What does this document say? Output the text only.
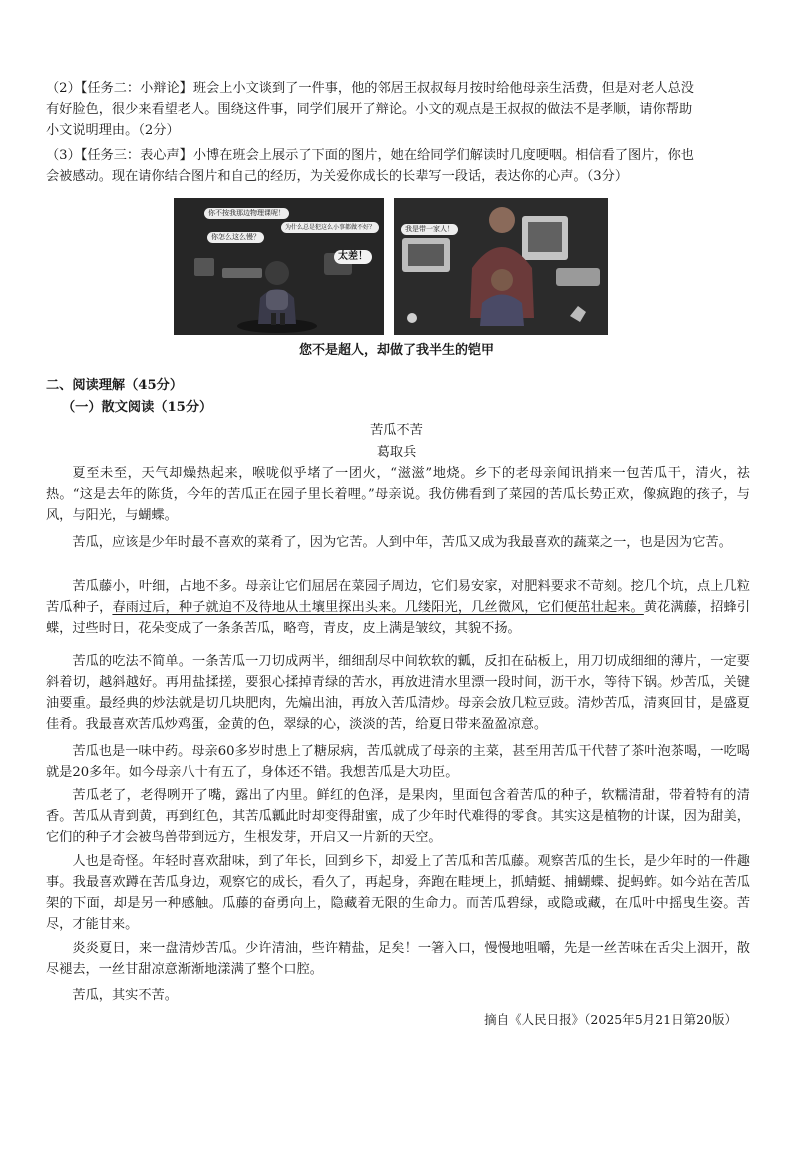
（2）【任务二：小辩论】班会上小文谈到了一件事，他的邻居王叔叔每月按时给他母亲生活费，但是对老人总没
有好脸色，很少来看望老人。围绕这件事，同学们展开了辩论。小文的观点是王叔叔的做法不是孝顺，请你帮助
小文说明理由。（2分）

（3）【任务三：表心声】小博在班会上展示了下面的图片，她在给同学们解读时几度哽咽。相信看了图片，你也
会被感动。现在请你结合图片和自己的经历，为关爱你成长的长辈写一段话，表达你的心声。（3分）

你不按我那边物理课呢！
你怎么这么慢？
为什么总是犯这么小事都做不好？
太差！
我是带一家人！

您不是超人，却做了我半生的铠甲

二、阅读理解（45分）

（一）散文阅读（15分）

苦瓜不苦

葛取兵

夏至未至，天气却燥热起来，喉咙似乎堵了一团火，“滋滋”地烧。乡下的老母亲闻讯捎来一包苦瓜干，清火，祛热。“这是去年的陈货，今年的苦瓜正在园子里长着哩。”母亲说。我仿佛看到了菜园的苦瓜长势正欢，像疯跑的孩子，与风，与阳光，与蝴蝶。

苦瓜，应该是少年时最不喜欢的菜肴了，因为它苦。人到中年，苦瓜又成为我最喜欢的蔬菜之一，也是因为它苦。

苦瓜藤小，叶细，占地不多。母亲让它们屈居在菜园子周边，它们易安家，对肥料要求不苛刻。挖几个坑，点上几粒苦瓜种子，春雨过后，种子就迫不及待地从土壤里探出头来。几缕阳光，几丝微风，它们便茁壮起来。黄花满藤，招蜂引蝶，过些时日，花朵变成了一条条苦瓜，略弯，青皮，皮上满是皱纹，其貌不扬。

苦瓜的吃法不简单。一条苦瓜一刀切成两半，细细刮尽中间软软的瓤，反扣在砧板上，用刀切成细细的薄片，一定要斜着切，越斜越好。再用盐揉搓，要狠心揉掉青绿的苦水，再放进清水里漂一段时间，沥干水，等待下锅。炒苦瓜，关键油要重。最经典的炒法就是切几块肥肉，先煸出油，再放入苦瓜清炒。母亲会放几粒豆豉。清炒苦瓜，清爽回甘，是盛夏佳肴。我最喜欢苦瓜炒鸡蛋，金黄的色，翠绿的心，淡淡的苦，给夏日带来盈盈凉意。

苦瓜也是一味中药。母亲60多岁时患上了糖尿病，苦瓜就成了母亲的主菜，甚至用苦瓜干代替了茶叶泡茶喝，一吃喝就是20多年。如今母亲八十有五了，身体还不错。我想苦瓜是大功臣。

苦瓜老了，老得咧开了嘴，露出了内里。鲜红的色泽，是果肉，里面包含着苦瓜的种子，软糯清甜，带着特有的清香。苦瓜从青到黄，再到红色，其苦瓜瓤此时却变得甜蜜，成了少年时代难得的零食。其实这是植物的计谋，因为甜美，它们的种子才会被鸟兽带到远方，生根发芽，开启又一片新的天空。

人也是奇怪。年轻时喜欢甜味，到了年长，回到乡下，却爱上了苦瓜和苦瓜藤。观察苦瓜的生长，是少年时的一件趣事。我最喜欢蹲在苦瓜身边，观察它的成长，看久了，再起身，奔跑在畦埂上，抓蜻蜓、捕蝴蝶、捉蚂蚱。如今站在苦瓜架的下面，却是另一种感触。瓜藤的奋勇向上，隐藏着无限的生命力。而苦瓜碧绿，或隐或藏，在瓜叶中摇曳生姿。苦尽，才能甘来。

炎炎夏日，来一盘清炒苦瓜。少许清油，些许精盐，足矣！一箸入口，慢慢地咀嚼，先是一丝苦味在舌尖上洇开，散尽褪去，一丝甘甜凉意渐渐地漾满了整个口腔。

苦瓜，其实不苦。

摘自《人民日报》（2025年5月21日第20版）
